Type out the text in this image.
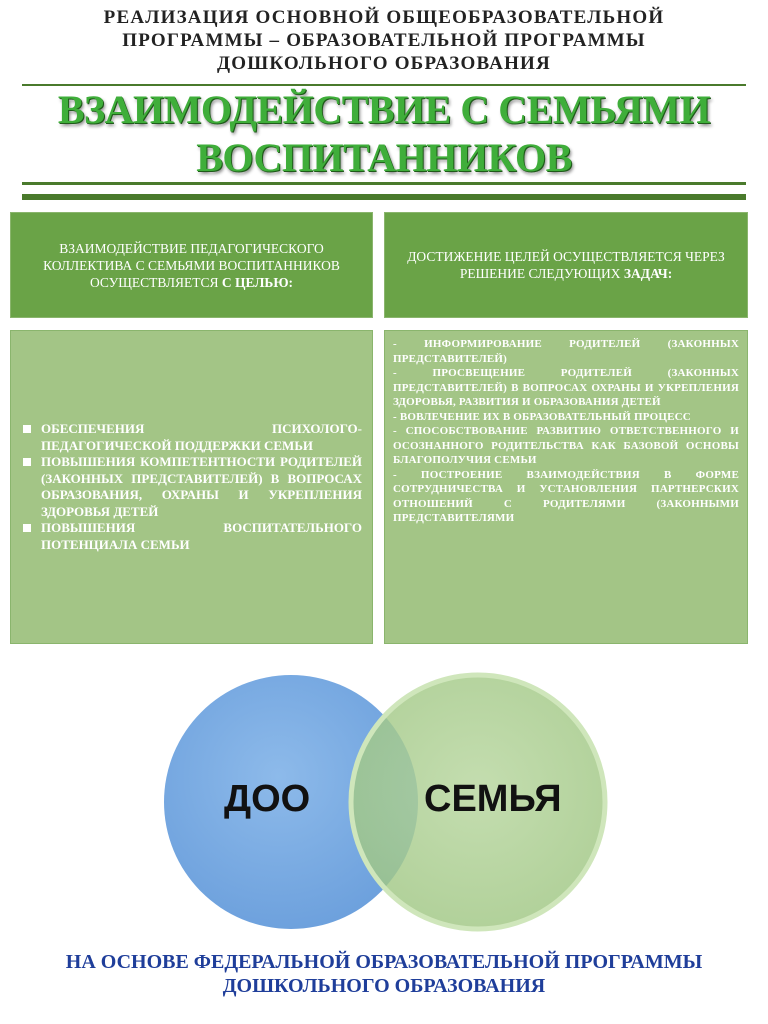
РЕАЛИЗАЦИЯ ОСНОВНОЙ ОБЩЕОБРАЗОВАТЕЛЬНОЙ
ПРОГРАММЫ – ОБРАЗОВАТЕЛЬНОЙ ПРОГРАММЫ
ДОШКОЛЬНОГО ОБРАЗОВАНИЯ
ВЗАИМОДЕЙСТВИЕ С СЕМЬЯМИ
ВОСПИТАННИКОВ
ВЗАИМОДЕЙСТВИЕ ПЕДАГОГИЧЕСКОГО КОЛЛЕКТИВА С СЕМЬЯМИ ВОСПИТАННИКОВ ОСУЩЕСТВЛЯЕТСЯ С ЦЕЛЬЮ:
ДОСТИЖЕНИЕ ЦЕЛЕЙ ОСУЩЕСТВЛЯЕТСЯ ЧЕРЕЗ РЕШЕНИЕ СЛЕДУЮЩИХ ЗАДАЧ:
ОБЕСПЕЧЕНИЯ ПСИХОЛОГО-ПЕДАГОГИЧЕСКОЙ ПОДДЕРЖКИ СЕМЬИ
ПОВЫШЕНИЯ КОМПЕТЕНТНОСТИ РОДИТЕЛЕЙ (ЗАКОННЫХ ПРЕДСТАВИТЕЛЕЙ) В ВОПРОСАХ ОБРАЗОВАНИЯ, ОХРАНЫ И УКРЕПЛЕНИЯ ЗДОРОВЬЯ ДЕТЕЙ
ПОВЫШЕНИЯ ВОСПИТАТЕЛЬНОГО ПОТЕНЦИАЛА СЕМЬИ
- ИНФОРМИРОВАНИЕ РОДИТЕЛЕЙ (ЗАКОННЫХ ПРЕДСТАВИТЕЛЕЙ)
- ПРОСВЕЩЕНИЕ РОДИТЕЛЕЙ (ЗАКОННЫХ ПРЕДСТАВИТЕЛЕЙ) В ВОПРОСАХ ОХРАНЫ И УКРЕПЛЕНИЯ ЗДОРОВЬЯ, РАЗВИТИЯ И ОБРАЗОВАНИЯ ДЕТЕЙ
- ВОВЛЕЧЕНИЕ ИХ В ОБРАЗОВАТЕЛЬНЫЙ ПРОЦЕСС
- СПОСОБСТВОВАНИЕ РАЗВИТИЮ ОТВЕТСТВЕННОГО И ОСОЗНАННОГО РОДИТЕЛЬСТВА КАК БАЗОВОЙ ОСНОВЫ БЛАГОПОЛУЧИЯ СЕМЬИ
- ПОСТРОЕНИЕ ВЗАИМОДЕЙСТВИЯ В ФОРМЕ СОТРУДНИЧЕСТВА И УСТАНОВЛЕНИЯ ПАРТНЕРСКИХ ОТНОШЕНИЙ С РОДИТЕЛЯМИ (ЗАКОННЫМИ ПРЕДСТАВИТЕЛЯМИ
ДОО	СЕМЬЯ
НА ОСНОВЕ ФЕДЕРАЛЬНОЙ ОБРАЗОВАТЕЛЬНОЙ ПРОГРАММЫ
ДОШКОЛЬНОГО ОБРАЗОВАНИЯ
